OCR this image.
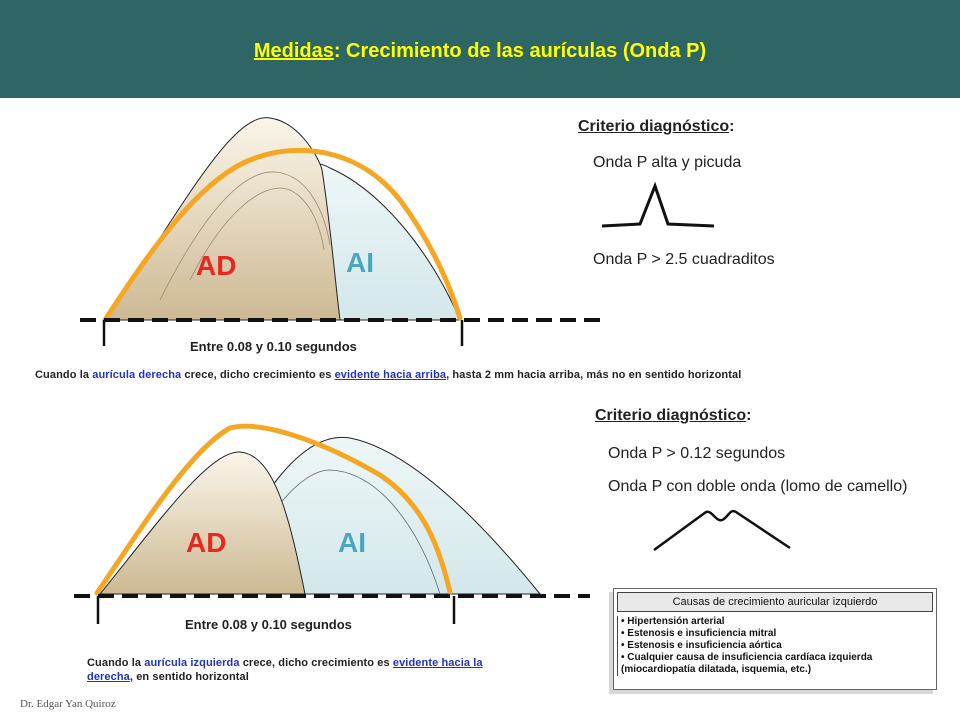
Medidas: Crecimiento de las aurículas (Onda P)
AD	AI
AD	AI
Criterio diagnóstico:
Onda P alta y picuda
Onda P > 2.5 cuadraditos
Entre 0.08 y 0.10 segundos
Cuando la aurícula derecha crece, dicho crecimiento es evidente hacia arriba, hasta 2 mm hacia arriba, más no en sentido horizontal
Criterio diagnóstico:
Onda P > 0.12 segundos
Onda P con doble onda (lomo de camello)
Entre 0.08 y 0.10 segundos
Cuando la aurícula izquierda crece, dicho crecimiento es evidente hacia la
derecha, en sentido horizontal
Causas de crecimiento auricular izquierdo
• Hipertensión arterial
• Estenosis e insuficiencia mitral
• Estenosis e insuficiencia aórtica
• Cualquier causa de insuficiencia cardíaca izquierda
(miocardiopatía dilatada, isquemia, etc.)
Dr. Edgar Yan Quiroz
